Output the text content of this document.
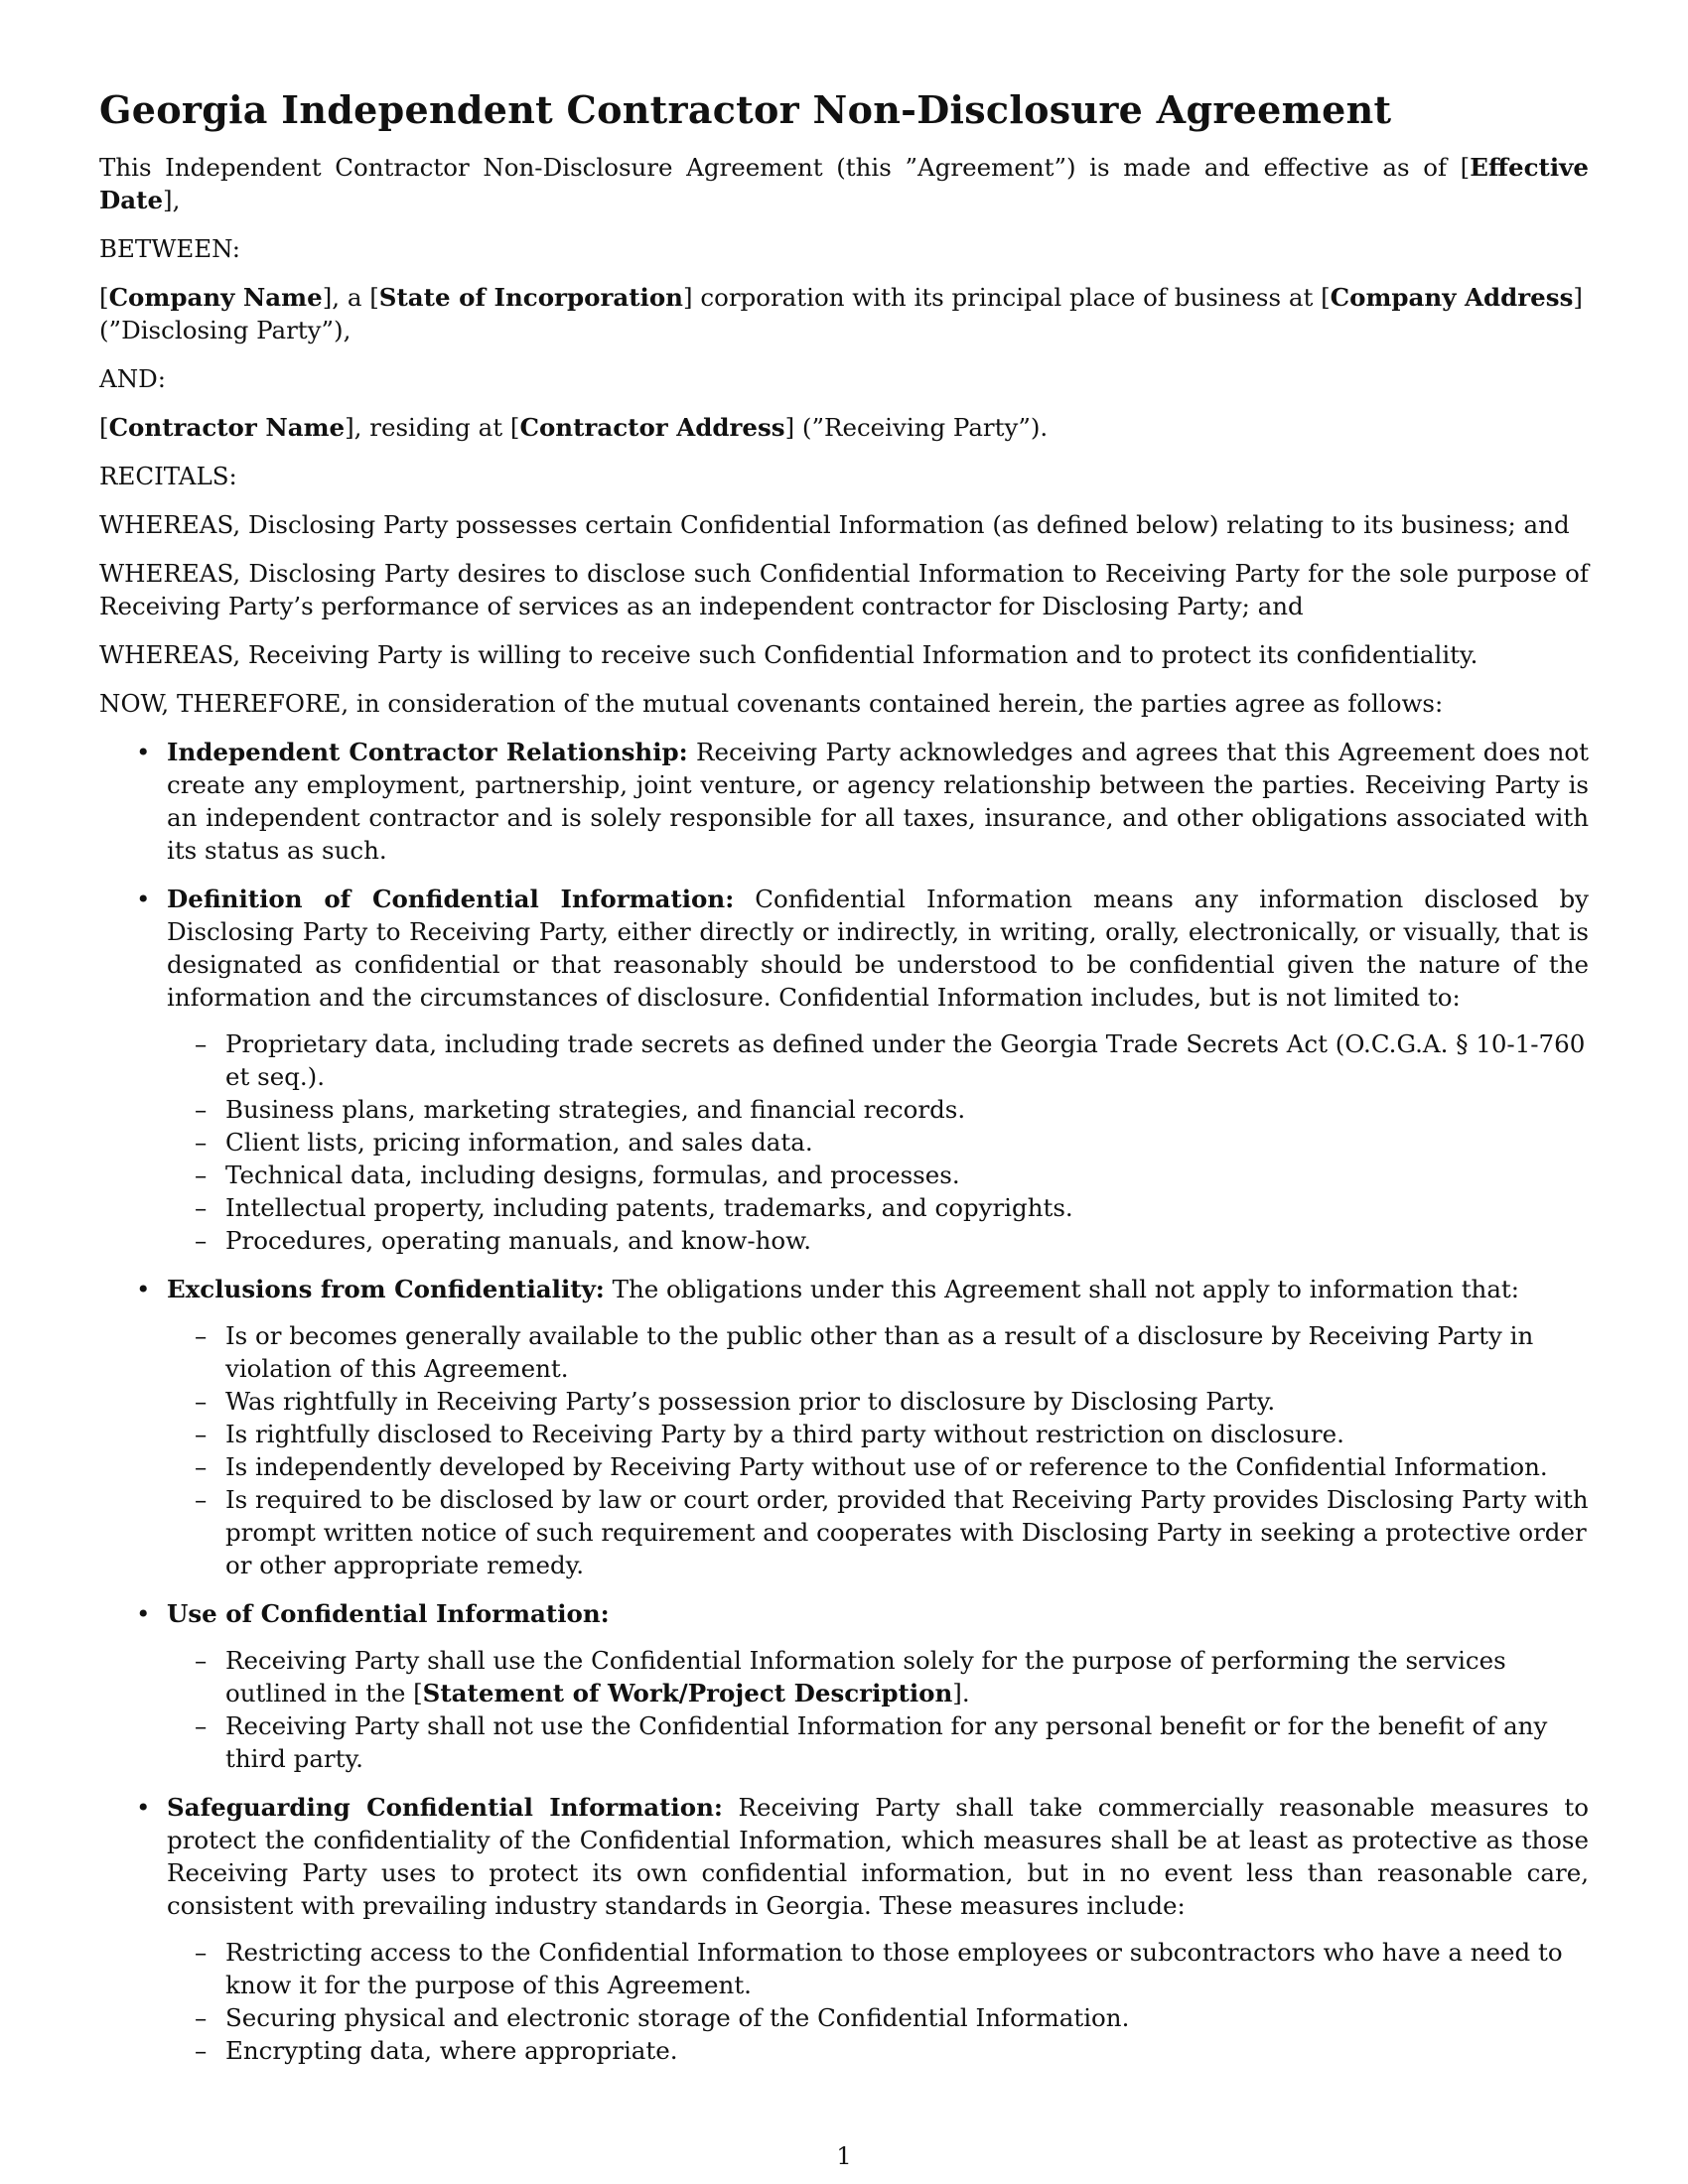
Georgia Independent Contractor Non-Disclosure Agreement

This Independent Contractor Non-Disclosure Agreement (this ”Agreement”) is made and effective as of [Effective Date],

BETWEEN:

[Company Name], a [State of Incorporation] corporation with its principal place of business at [Company Address] (”Disclosing Party”),

AND:

[Contractor Name], residing at [Contractor Address] (”Receiving Party”).

RECITALS:

WHEREAS, Disclosing Party possesses certain Confidential Information (as defined below) relating to its business; and

WHEREAS, Disclosing Party desires to disclose such Confidential Information to Receiving Party for the sole purpose of Receiving Party’s performance of services as an independent contractor for Disclosing Party; and

WHEREAS, Receiving Party is willing to receive such Confidential Information and to protect its confidentiality.

NOW, THEREFORE, in consideration of the mutual covenants contained herein, the parties agree as follows:

• Independent Contractor Relationship: Receiving Party acknowledges and agrees that this Agreement does not create any employment, partnership, joint venture, or agency relationship between the parties. Receiving Party is an independent contractor and is solely responsible for all taxes, insurance, and other obligations associated with its status as such.
• Definition of Confidential Information: Confidential Information means any information disclosed by Disclosing Party to Receiving Party, either directly or indirectly, in writing, orally, electronically, or visually, that is designated as confidential or that reasonably should be understood to be confidential given the nature of the information and the circumstances of disclosure. Confidential Information includes, but is not limited to:
– Proprietary data, including trade secrets as defined under the Georgia Trade Secrets Act (O.C.G.A. § 10-1-760 et seq.).
– Business plans, marketing strategies, and financial records.
– Client lists, pricing information, and sales data.
– Technical data, including designs, formulas, and processes.
– Intellectual property, including patents, trademarks, and copyrights.
– Procedures, operating manuals, and know-how.
• Exclusions from Confidentiality: The obligations under this Agreement shall not apply to information that:
– Is or becomes generally available to the public other than as a result of a disclosure by Receiving Party in violation of this Agreement.
– Was rightfully in Receiving Party’s possession prior to disclosure by Disclosing Party.
– Is rightfully disclosed to Receiving Party by a third party without restriction on disclosure.
– Is independently developed by Receiving Party without use of or reference to the Confidential Information.
– Is required to be disclosed by law or court order, provided that Receiving Party provides Disclosing Party with prompt written notice of such requirement and cooperates with Disclosing Party in seeking a protective order or other appropriate remedy.
• Use of Confidential Information:
– Receiving Party shall use the Confidential Information solely for the purpose of performing the services outlined in the [Statement of Work/Project Description].
– Receiving Party shall not use the Confidential Information for any personal benefit or for the benefit of any third party.
• Safeguarding Confidential Information: Receiving Party shall take commercially reasonable measures to protect the confidentiality of the Confidential Information, which measures shall be at least as protective as those Receiving Party uses to protect its own confidential information, but in no event less than reasonable care, consistent with prevailing industry standards in Georgia. These measures include:
– Restricting access to the Confidential Information to those employees or subcontractors who have a need to know it for the purpose of this Agreement.
– Securing physical and electronic storage of the Confidential Information.
– Encrypting data, where appropriate.
1
